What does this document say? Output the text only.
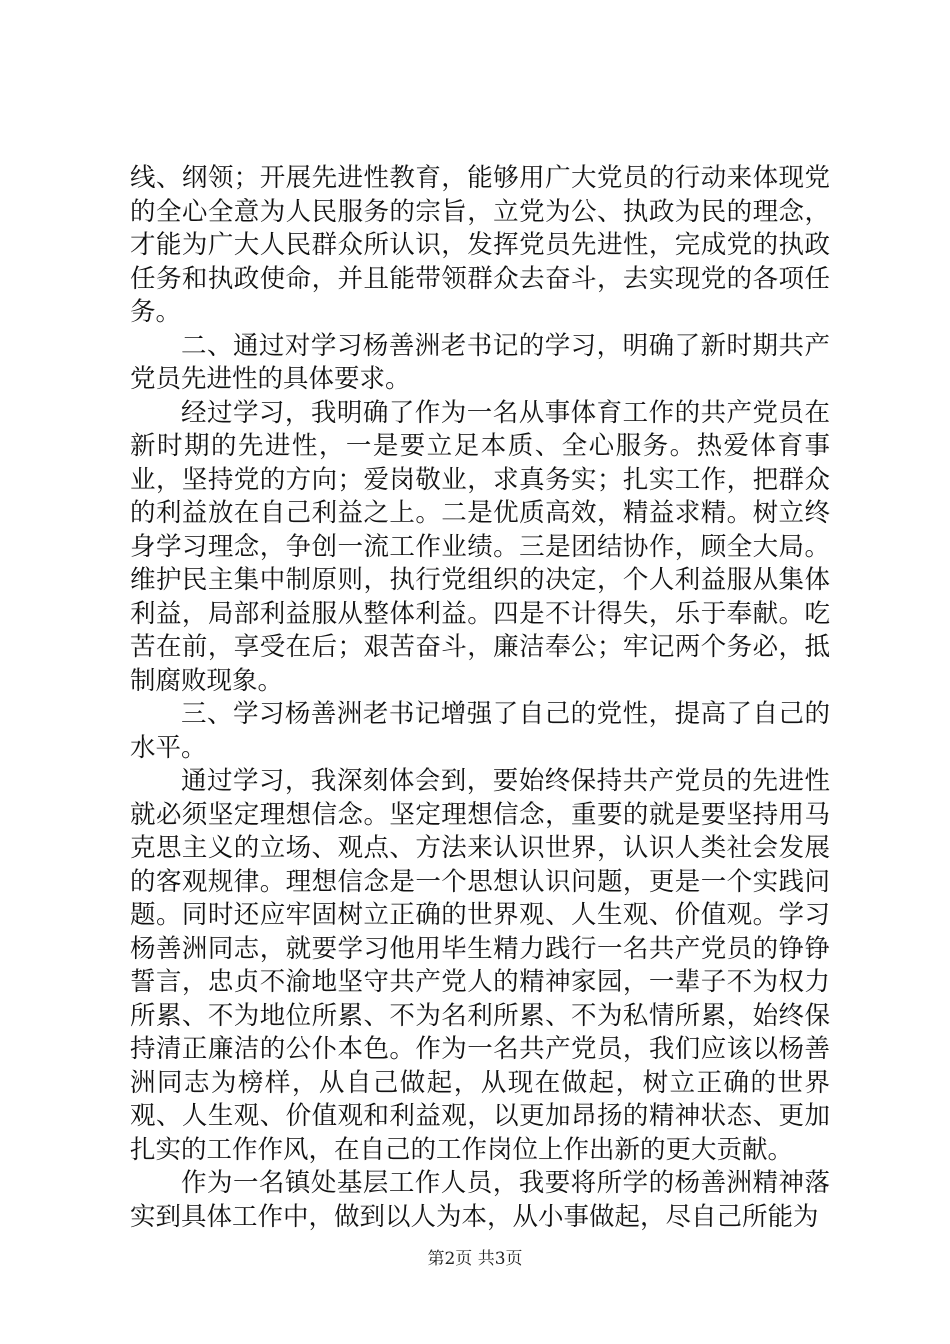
线、纲领；开展先进性教育，能够用广大党员的行动来体现党的全心全意为人民服务的宗旨，立党为公、执政为民的理念，才能为广大人民群众所认识，发挥党员先进性，完成党的执政任务和执政使命，并且能带领群众去奋斗，去实现党的各项任务。

二、通过对学习杨善洲老书记的学习，明确了新时期共产党员先进性的具体要求。

经过学习，我明确了作为一名从事体育工作的共产党员在新时期的先进性，一是要立足本质、全心服务。热爱体育事业，坚持党的方向；爱岗敬业，求真务实；扎实工作，把群众的利益放在自己利益之上。二是优质高效，精益求精。树立终身学习理念，争创一流工作业绩。三是团结协作，顾全大局。维护民主集中制原则，执行党组织的决定，个人利益服从集体利益，局部利益服从整体利益。四是不计得失，乐于奉献。吃苦在前，享受在后；艰苦奋斗，廉洁奉公；牢记两个务必，抵制腐败现象。

三、学习杨善洲老书记增强了自己的党性，提高了自己的水平。

通过学习，我深刻体会到，要始终保持共产党员的先进性就必须坚定理想信念。坚定理想信念，重要的就是要坚持用马克思主义的立场、观点、方法来认识世界，认识人类社会发展的客观规律。理想信念是一个思想认识问题，更是一个实践问题。同时还应牢固树立正确的世界观、人生观、价值观。学习杨善洲同志，就要学习他用毕生精力践行一名共产党员的铮铮誓言，忠贞不渝地坚守共产党人的精神家园，一辈子不为权力所累、不为地位所累、不为名利所累、不为私情所累，始终保持清正廉洁的公仆本色。作为一名共产党员，我们应该以杨善洲同志为榜样，从自己做起，从现在做起，树立正确的世界观、人生观、价值观和利益观，以更加昂扬的精神状态、更加扎实的工作作风，在自己的工作岗位上作出新的更大贡献。

作为一名镇处基层工作人员，我要将所学的杨善洲精神落实到具体工作中，做到以人为本，从小事做起，尽自己所能为

第2页 共3页
